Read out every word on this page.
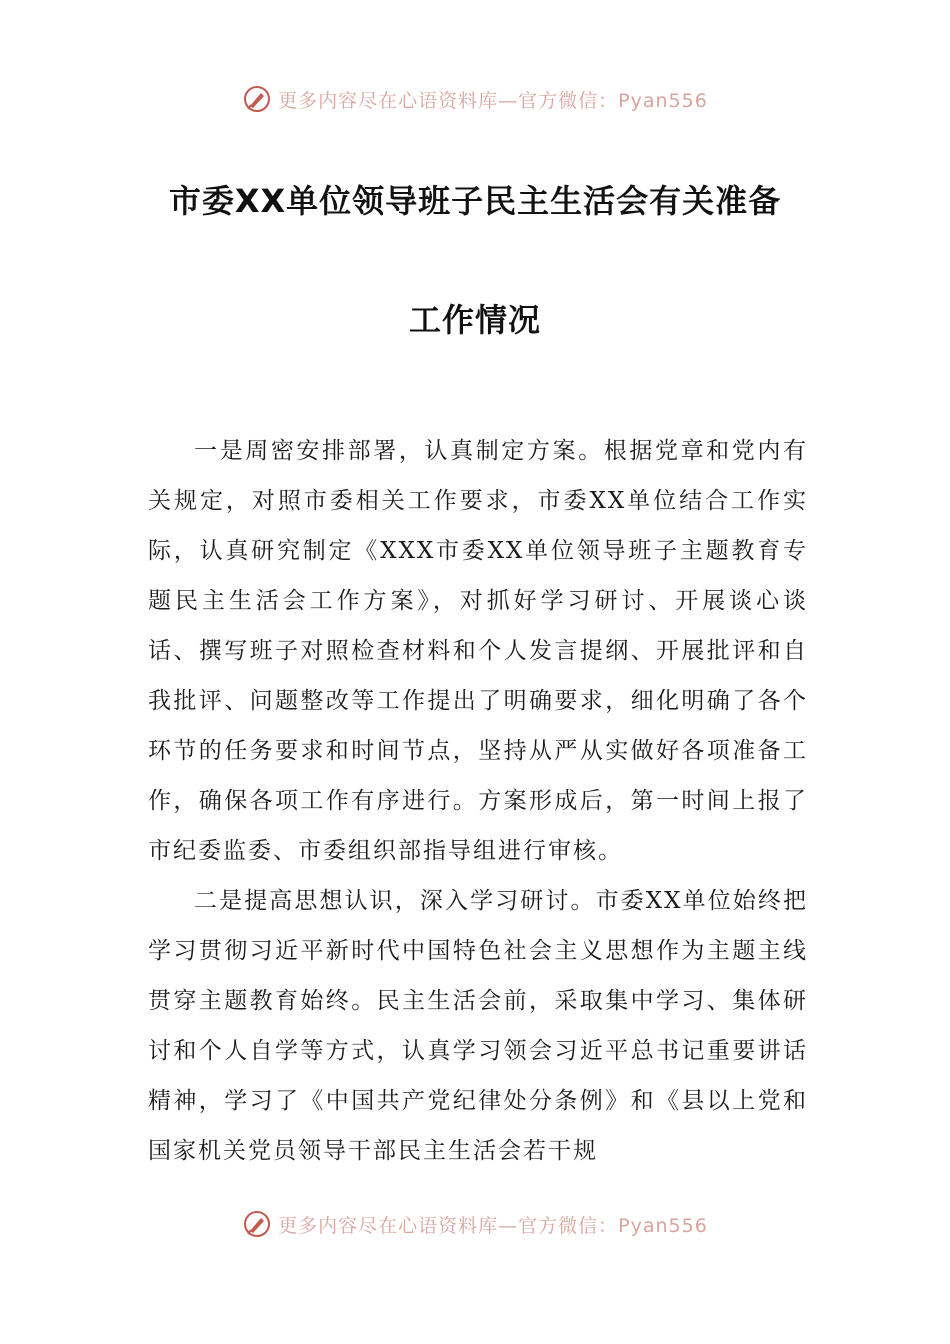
更多内容尽在心语资料库—官方微信：Pyan556
市委XX单位领导班子民主生活会有关准备
工作情况

一是周密安排部署，认真制定方案。根据党章和党内有关规定，对照市委相关工作要求，市委XX单位结合工作实际，认真研究制定《XXX市委XX单位领导班子主题教育专题民主生活会工作方案》，对抓好学习研讨、开展谈心谈话、撰写班子对照检查材料和个人发言提纲、开展批评和自我批评、问题整改等工作提出了明确要求，细化明确了各个环节的任务要求和时间节点，坚持从严从实做好各项准备工作，确保各项工作有序进行。方案形成后，第一时间上报了市纪委监委、市委组织部指导组进行审核。

二是提高思想认识，深入学习研讨。市委XX单位始终把学习贯彻习近平新时代中国特色社会主义思想作为主题主线贯穿主题教育始终。民主生活会前，采取集中学习、集体研讨和个人自学等方式，认真学习领会习近平总书记重要讲话精神，学习了《中国共产党纪律处分条例》和《县以上党和国家机关党员领导干部民主生活会若干规

更多内容尽在心语资料库—官方微信：Pyan556
